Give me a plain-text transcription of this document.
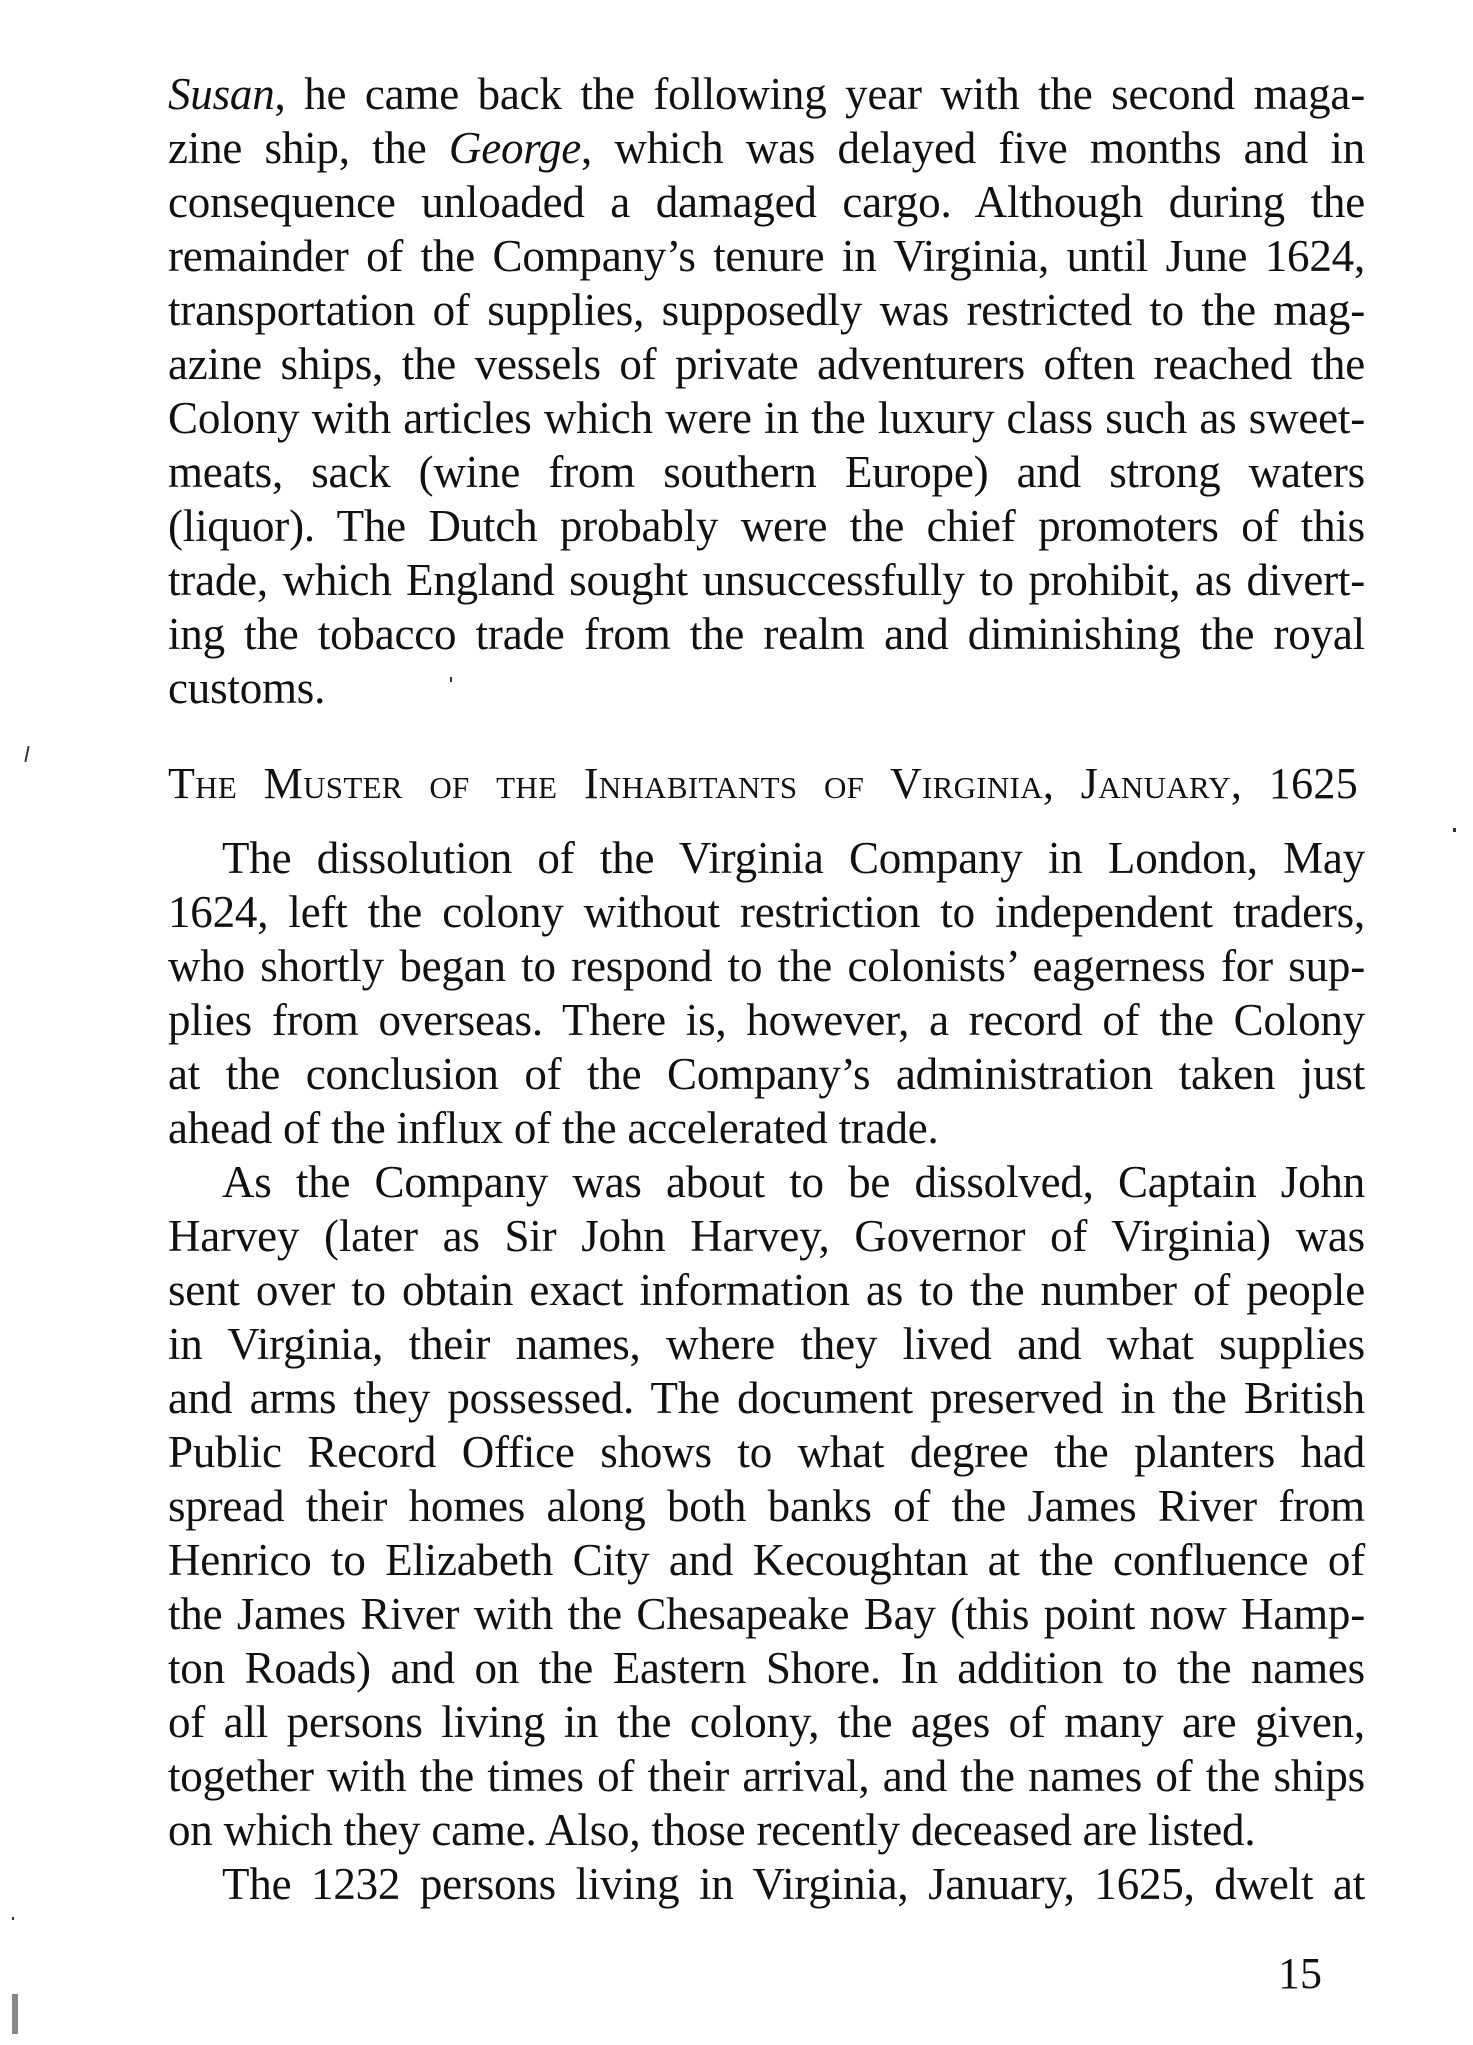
Susan, he came back the following year with the second maga-
zine ship, the George, which was delayed five months and in
consequence unloaded a damaged cargo. Although during the
remainder of the Company’s tenure in Virginia, until June 1624,
transportation of supplies, supposedly was restricted to the mag-
azine ships, the vessels of private adventurers often reached the
Colony with articles which were in the luxury class such as sweet-
meats, sack (wine from southern Europe) and strong waters
(liquor). The Dutch probably were the chief promoters of this
trade, which England sought unsuccessfully to prohibit, as divert-
ing the tobacco trade from the realm and diminishing the royal
customs.
The Muster of the Inhabitants of Virginia, January, 1625
The dissolution of the Virginia Company in London, May
1624, left the colony without restriction to independent traders,
who shortly began to respond to the colonists’ eagerness for sup-
plies from overseas. There is, however, a record of the Colony
at the conclusion of the Company’s administration taken just
ahead of the influx of the accelerated trade.
As the Company was about to be dissolved, Captain John
Harvey (later as Sir John Harvey, Governor of Virginia) was
sent over to obtain exact information as to the number of people
in Virginia, their names, where they lived and what supplies
and arms they possessed. The document preserved in the British
Public Record Office shows to what degree the planters had
spread their homes along both banks of the James River from
Henrico to Elizabeth City and Kecoughtan at the confluence of
the James River with the Chesapeake Bay (this point now Hamp-
ton Roads) and on the Eastern Shore. In addition to the names
of all persons living in the colony, the ages of many are given,
together with the times of their arrival, and the names of the ships
on which they came. Also, those recently deceased are listed.
The 1232 persons living in Virginia, January, 1625, dwelt at
15
